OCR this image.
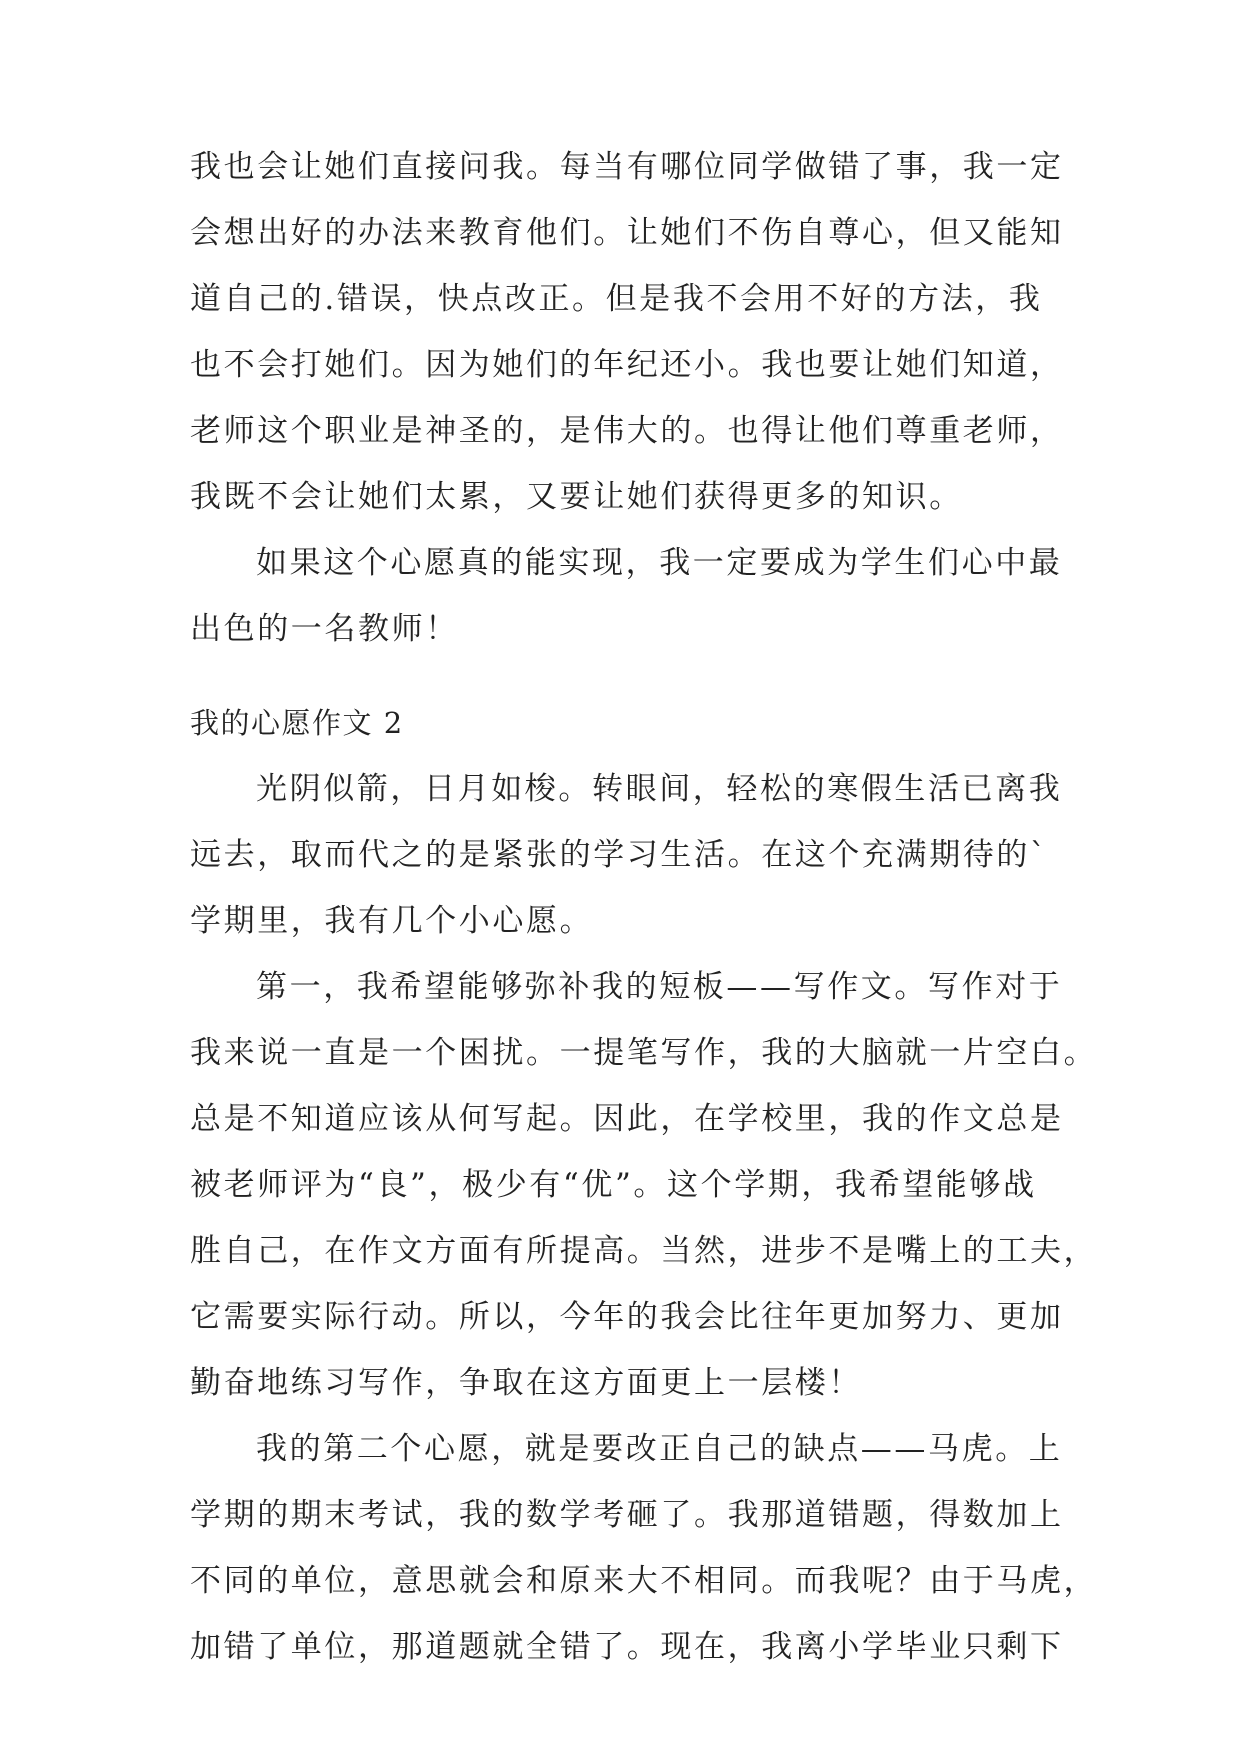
我也会让她们直接问我。每当有哪位同学做错了事，我一定
会想出好的办法来教育他们。让她们不伤自尊心，但又能知
道自己的.错误，快点改正。但是我不会用不好的方法，我
也不会打她们。因为她们的年纪还小。我也要让她们知道，
老师这个职业是神圣的，是伟大的。也得让他们尊重老师，
我既不会让她们太累，又要让她们获得更多的知识。
如果这个心愿真的能实现，我一定要成为学生们心中最
出色的一名教师！
我的心愿作文 2
光阴似箭，日月如梭。转眼间，轻松的寒假生活已离我
远去，取而代之的是紧张的学习生活。在这个充满期待的`
学期里，我有几个小心愿。
第一，我希望能够弥补我的短板——写作文。写作对于
我来说一直是一个困扰。一提笔写作，我的大脑就一片空白。
总是不知道应该从何写起。因此，在学校里，我的作文总是
被老师评为“良”，极少有“优”。这个学期，我希望能够战
胜自己，在作文方面有所提高。当然，进步不是嘴上的工夫，
它需要实际行动。所以，今年的我会比往年更加努力、更加
勤奋地练习写作，争取在这方面更上一层楼！
我的第二个心愿，就是要改正自己的缺点——马虎。上
学期的期末考试，我的数学考砸了。我那道错题，得数加上
不同的单位，意思就会和原来大不相同。而我呢？由于马虎，
加错了单位，那道题就全错了。现在，我离小学毕业只剩下
